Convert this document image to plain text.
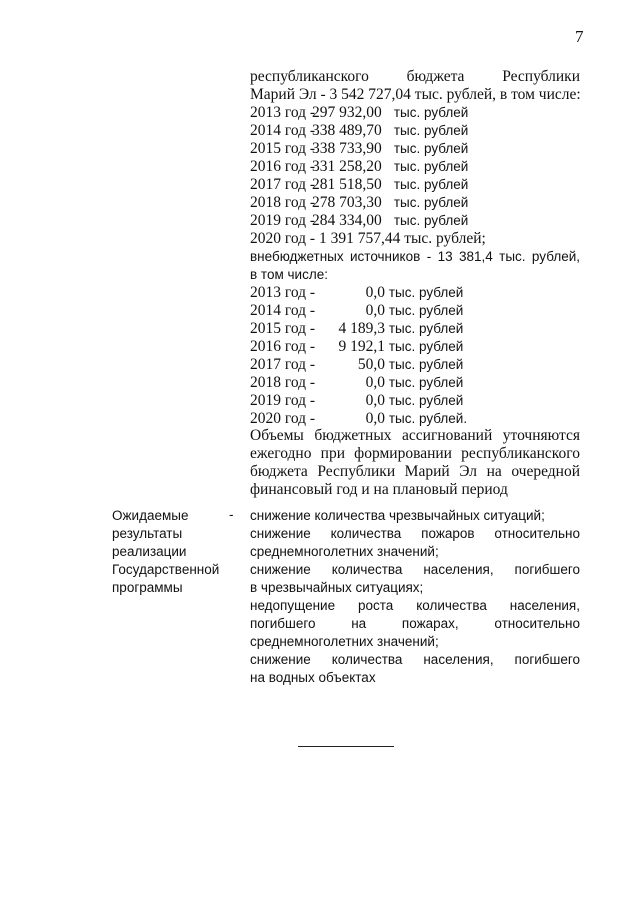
7
республиканского бюджета Республики
Марий Эл - 3 542 727,04 тыс. рублей, в том числе:
2013 год -297 932,00 тыс. рублей
2014 год -338 489,70 тыс. рублей
2015 год -338 733,90 тыс. рублей
2016 год -331 258,20 тыс. рублей
2017 год -281 518,50 тыс. рублей
2018 год -278 703,30 тыс. рублей
2019 год -284 334,00 тыс. рублей
2020 год - 1 391 757,44 тыс. рублей;
внебюджетных источников - 13 381,4 тыс. рублей,
в том числе:
2013 год -	0,0 тыс. рублей
2014 год -	0,0 тыс. рублей
2015 год - 4 189,3 тыс. рублей
2016 год - 9 192,1 тыс. рублей
2017 год -	50,0 тыс. рублей
2018 год -	0,0 тыс. рублей
2019 год -	0,0 тыс. рублей
2020 год -	0,0 тыс. рублей.
Объемы бюджетных ассигнований уточняются
ежегодно при формировании республиканского
бюджета Республики Марий Эл на очередной
финансовый год и на плановый период
Ожидаемые
результаты
реализации
Государственной
программы
- снижение количества чрезвычайных ситуаций;
снижение количества пожаров относительно
среднемноголетних значений;
снижение количества населения, погибшего
в чрезвычайных ситуациях;
недопущение роста количества населения,
погибшего на пожарах, относительно
среднемноголетних значений;
снижение количества населения, погибшего
на водных объектах
